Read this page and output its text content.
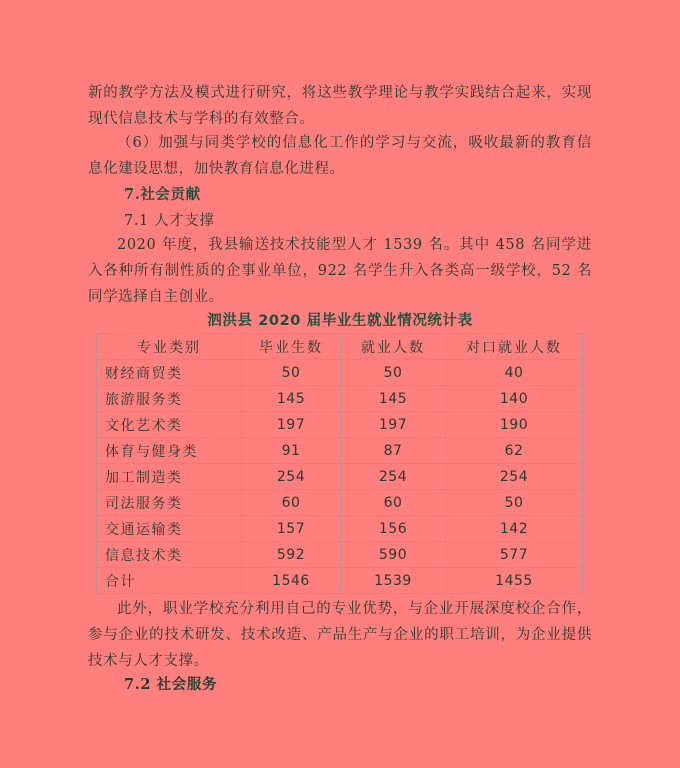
新的教学方法及模式进行研究，将这些教学理论与教学实践结合起来，实现现代信息技术与学科的有效整合。

（6）加强与同类学校的信息化工作的学习与交流，吸收最新的教育信息化建设思想，加快教育信息化进程。

7.社会贡献
7.1 人才支撑

2020 年度，我县输送技术技能型人才 1539 名。其中 458 名同学进入各种所有制性质的企事业单位，922 名学生升入各类高一级学校，52 名同学选择自主创业。

泗洪县 2020 届毕业生就业情况统计表
专业类别	毕业生数	就业人数	对口就业人数
财经商贸类	50	50	40
旅游服务类	145	145	140
文化艺术类	197	197	190
体育与健身类	91	87	62
加工制造类	254	254	254
司法服务类	60	60	50
交通运输类	157	156	142
信息技术类	592	590	577
合计	1546	1539	1455

此外，职业学校充分利用自己的专业优势，与企业开展深度校企合作，参与企业的技术研发、技术改造、产品生产与企业的职工培训，为企业提供技术与人才支撑。

7.2 社会服务
